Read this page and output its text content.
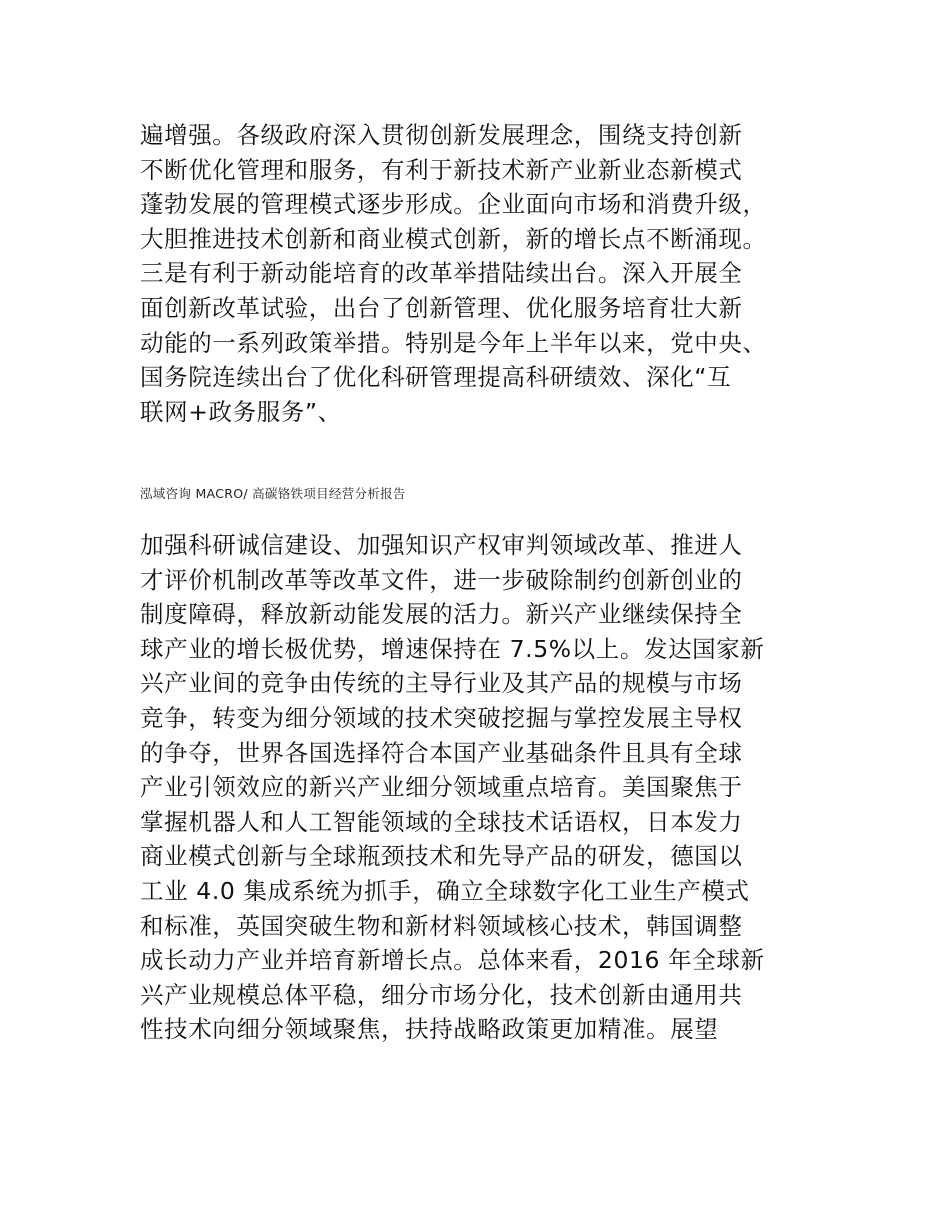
遍增强。各级政府深入贯彻创新发展理念，围绕支持创新
不断优化管理和服务，有利于新技术新产业新业态新模式
蓬勃发展的管理模式逐步形成。企业面向市场和消费升级，
大胆推进技术创新和商业模式创新，新的增长点不断涌现。
三是有利于新动能培育的改革举措陆续出台。深入开展全
面创新改革试验，出台了创新管理、优化服务培育壮大新
动能的一系列政策举措。特别是今年上半年以来，党中央、
国务院连续出台了优化科研管理提高科研绩效、深化“互
联网+政务服务”、
泓域咨询 MACRO/ 高碳铬铁项目经营分析报告
加强科研诚信建设、加强知识产权审判领域改革、推进人
才评价机制改革等改革文件，进一步破除制约创新创业的
制度障碍，释放新动能发展的活力。新兴产业继续保持全
球产业的增长极优势，增速保持在 7.5%以上。发达国家新
兴产业间的竞争由传统的主导行业及其产品的规模与市场
竞争，转变为细分领域的技术突破挖掘与掌控发展主导权
的争夺，世界各国选择符合本国产业基础条件且具有全球
产业引领效应的新兴产业细分领域重点培育。美国聚焦于
掌握机器人和人工智能领域的全球技术话语权，日本发力
商业模式创新与全球瓶颈技术和先导产品的研发，德国以
工业 4.0 集成系统为抓手，确立全球数字化工业生产模式
和标准，英国突破生物和新材料领域核心技术，韩国调整
成长动力产业并培育新增长点。总体来看，2016 年全球新
兴产业规模总体平稳，细分市场分化，技术创新由通用共
性技术向细分领域聚焦，扶持战略政策更加精准。展望
